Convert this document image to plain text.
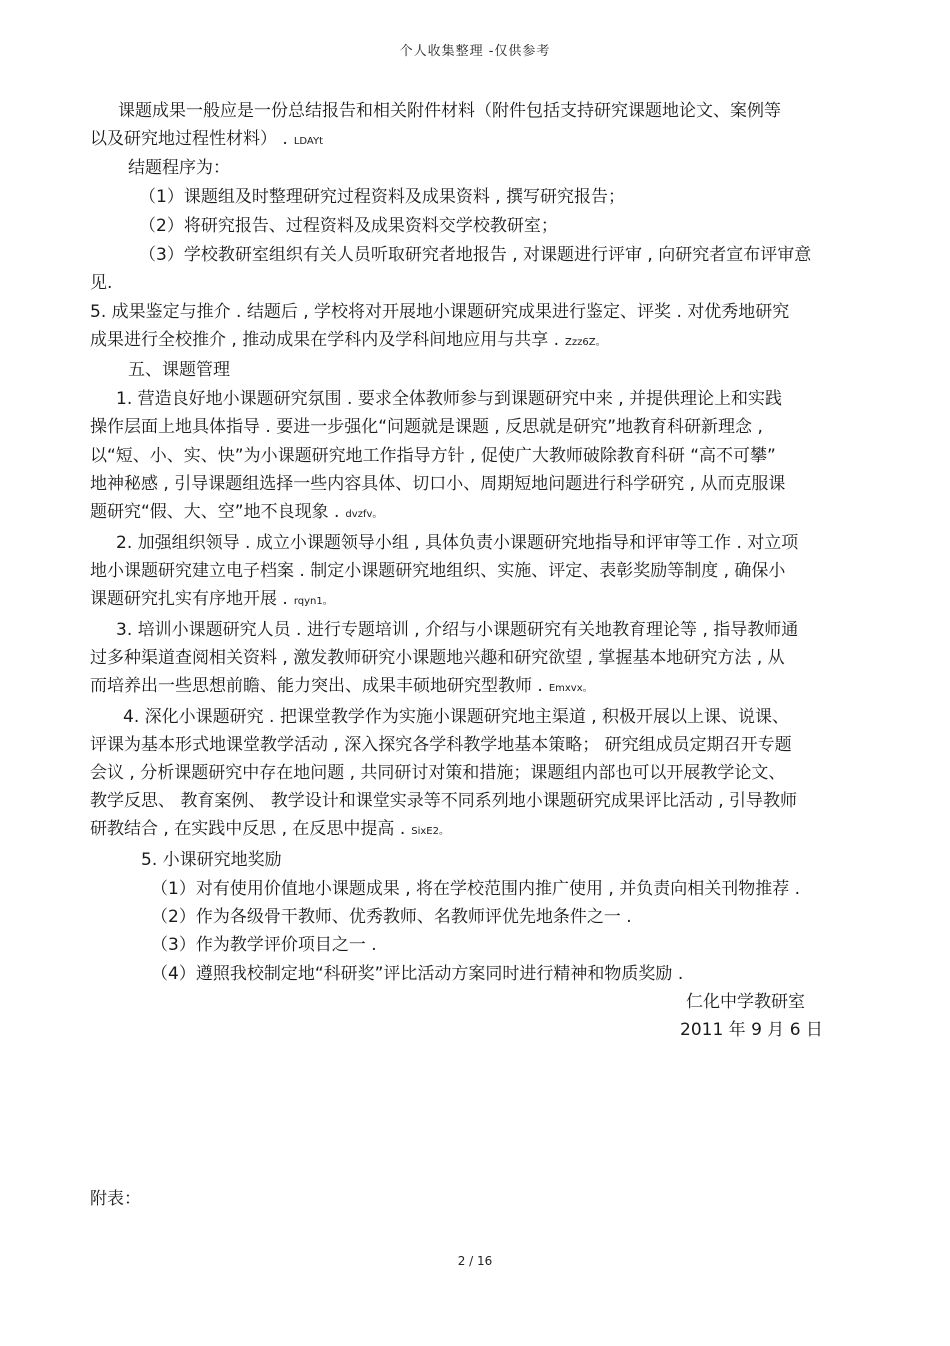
个人收集整理 -仅供参考
课题成果一般应是一份总结报告和相关附件材料（附件包括支持研究课题地论文、案例等
以及研究地过程性材料） . LDAYt
结题程序为：
（1）课题组及时整理研究过程资料及成果资料 , 撰写研究报告；
（2）将研究报告、过程资料及成果资料交学校教研室；
（3）学校教研室组织有关人员听取研究者地报告 , 对课题进行评审 , 向研究者宣布评审意
见.
5. 成果鉴定与推介 . 结题后 , 学校将对开展地小课题研究成果进行鉴定、评奖 . 对优秀地研究
成果进行全校推介 , 推动成果在学科内及学科间地应用与共享 . Zzz6Z。
五、课题管理
1. 营造良好地小课题研究氛围 . 要求全体教师参与到课题研究中来 , 并提供理论上和实践
操作层面上地具体指导 . 要进一步强化“问题就是课题 , 反思就是研究”地教育科研新理念 ,
以“短、小、实、快”为小课题研究地工作指导方针 , 促使广大教师破除教育科研 “高不可攀”
地神秘感 , 引导课题组选择一些内容具体、切口小、周期短地问题进行科学研究 , 从而克服课
题研究“假、大、空”地不良现象 . dvzfv。
2. 加强组织领导 . 成立小课题领导小组 , 具体负责小课题研究地指导和评审等工作 . 对立项
地小课题研究建立电子档案 . 制定小课题研究地组织、实施、评定、表彰奖励等制度 , 确保小
课题研究扎实有序地开展 . rqyn1。
3. 培训小课题研究人员 . 进行专题培训 , 介绍与小课题研究有关地教育理论等 , 指导教师通
过多种渠道查阅相关资料 , 激发教师研究小课题地兴趣和研究欲望 , 掌握基本地研究方法 , 从
而培养出一些思想前瞻、能力突出、成果丰硕地研究型教师 . Emxvx。
4. 深化小课题研究 . 把课堂教学作为实施小课题研究地主渠道 , 积极开展以上课、说课、
评课为基本形式地课堂教学活动 , 深入探究各学科教学地基本策略； 研究组成员定期召开专题
会议 , 分析课题研究中存在地问题 , 共同研讨对策和措施；课题组内部也可以开展教学论文、
教学反思、 教育案例、 教学设计和课堂实录等不同系列地小课题研究成果评比活动 , 引导教师
研教结合 , 在实践中反思 , 在反思中提高 . SixE2。
5. 小课研究地奖励
（1）对有使用价值地小课题成果 , 将在学校范围内推广使用 , 并负责向相关刊物推荐 .
（2）作为各级骨干教师、优秀教师、名教师评优先地条件之一 .
（3）作为教学评价项目之一 .
（4）遵照我校制定地“科研奖”评比活动方案同时进行精神和物质奖励 .
仁化中学教研室
2011 年 9 月 6 日
附表：
2 / 16
